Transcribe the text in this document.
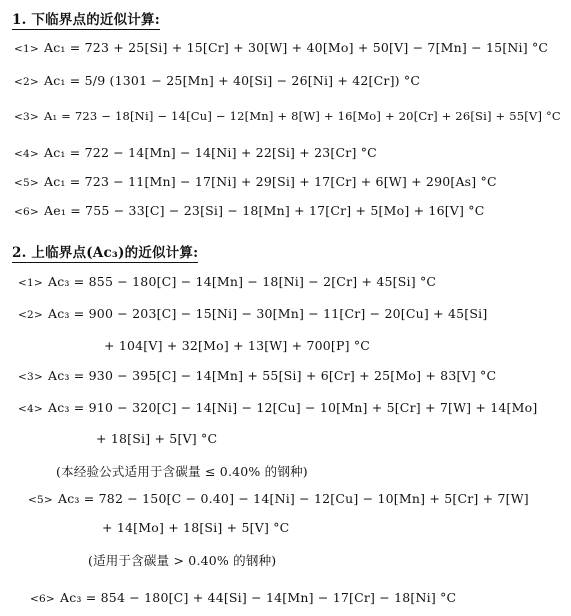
1. 下临界点的近似计算:
<1> Ac₁ = 723 + 25[Si] + 15[Cr] + 30[W] + 40[Mo] + 50[V] − 7[Mn] − 15[Ni] °C
<2> Ac₁ = 5/9 (1301 − 25[Mn] + 40[Si] − 26[Ni] + 42[Cr]) °C
<3> A₁ = 723 − 18[Ni] − 14[Cu] − 12[Mn] + 8[W] + 16[Mo] + 20[Cr] + 26[Si] + 55[V] °C
<4> Ac₁ = 722 − 14[Mn] − 14[Ni] + 22[Si] + 23[Cr] °C
<5> Ac₁ = 723 − 11[Mn] − 17[Ni] + 29[Si] + 17[Cr] + 6[W] + 290[As] °C
<6> Ae₁ = 755 − 33[C] − 23[Si] − 18[Mn] + 17[Cr] + 5[Mo] + 16[V] °C
2. 上临界点(Ac₃)的近似计算:
<1> Ac₃ = 855 − 180[C] − 14[Mn] − 18[Ni] − 2[Cr] + 45[Si] °C
<2> Ac₃ = 900 − 203[C] − 15[Ni] − 30[Mn] − 11[Cr] − 20[Cu] + 45[Si]
+ 104[V] + 32[Mo] + 13[W] + 700[P] °C
<3> Ac₃ = 930 − 395[C] − 14[Mn] + 55[Si] + 6[Cr] + 25[Mo] + 83[V] °C
<4> Ac₃ = 910 − 320[C] − 14[Ni] − 12[Cu] − 10[Mn] + 5[Cr] + 7[W] + 14[Mo]
+ 18[Si] + 5[V] °C
(本经验公式适用于含碳量 ≤ 0.40% 的钢种)
<5> Ac₃ = 782 − 150[C − 0.40] − 14[Ni] − 12[Cu] − 10[Mn] + 5[Cr] + 7[W]
+ 14[Mo] + 18[Si] + 5[V] °C
(适用于含碳量 > 0.40% 的钢种)
<6> Ac₃ = 854 − 180[C] + 44[Si] − 14[Mn] − 17[Cr] − 18[Ni] °C
